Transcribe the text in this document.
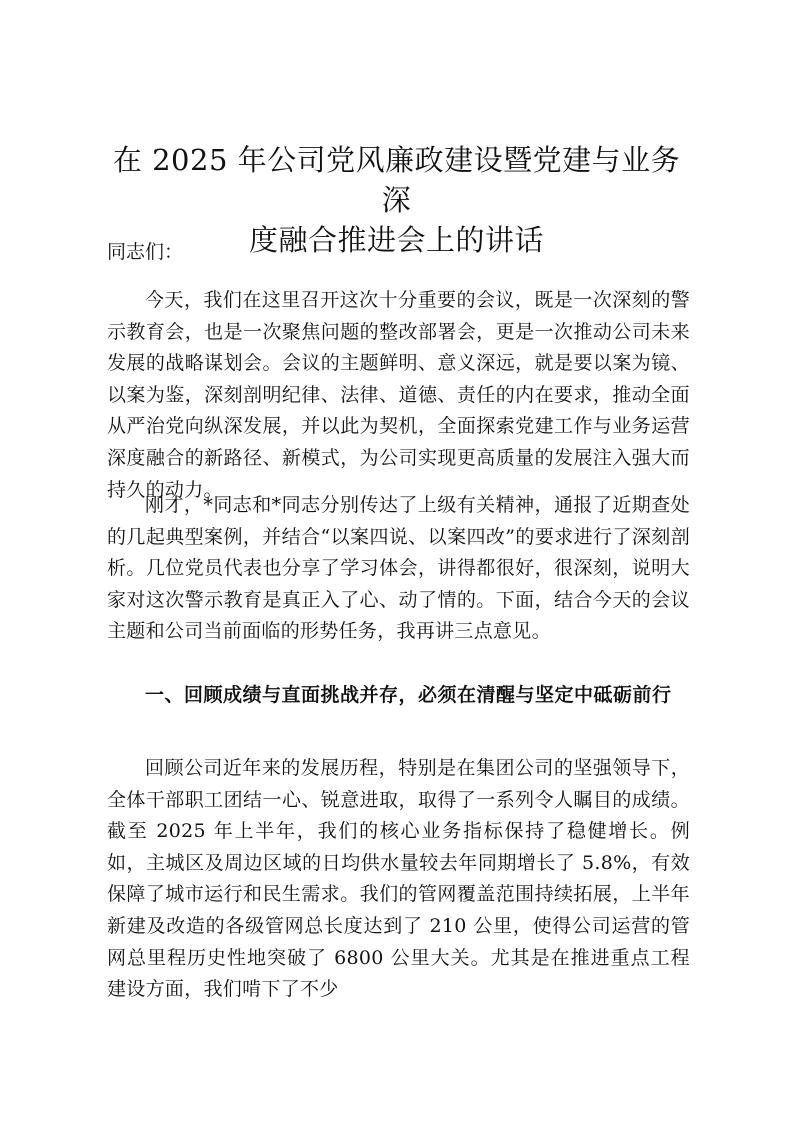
在 2025 年公司党风廉政建设暨党建与业务深
度融合推进会上的讲话

同志们：

今天，我们在这里召开这次十分重要的会议，既是一次深刻的警示教育会，也是一次聚焦问题的整改部署会，更是一次推动公司未来发展的战略谋划会。会议的主题鲜明、意义深远，就是要以案为镜、以案为鉴，深刻剖明纪律、法律、道德、责任的内在要求，推动全面从严治党向纵深发展，并以此为契机，全面探索党建工作与业务运营深度融合的新路径、新模式，为公司实现更高质量的发展注入强大而持久的动力。

刚才，*同志和*同志分别传达了上级有关精神，通报了近期查处的几起典型案例，并结合“以案四说、以案四改”的要求进行了深刻剖析。几位党员代表也分享了学习体会，讲得都很好，很深刻，说明大家对这次警示教育是真正入了心、动了情的。下面，结合今天的会议主题和公司当前面临的形势任务，我再讲三点意见。

一、回顾成绩与直面挑战并存，必须在清醒与坚定中砥砺前行

回顾公司近年来的发展历程，特别是在集团公司的坚强领导下，全体干部职工团结一心、锐意进取，取得了一系列令人瞩目的成绩。截至 2025 年上半年，我们的核心业务指标保持了稳健增长。例如，主城区及周边区域的日均供水量较去年同期增长了 5.8%，有效保障了城市运行和民生需求。我们的管网覆盖范围持续拓展，上半年新建及改造的各级管网总长度达到了 210 公里，使得公司运营的管网总里程历史性地突破了 6800 公里大关。尤其是在推进重点工程建设方面，我们啃下了不少
